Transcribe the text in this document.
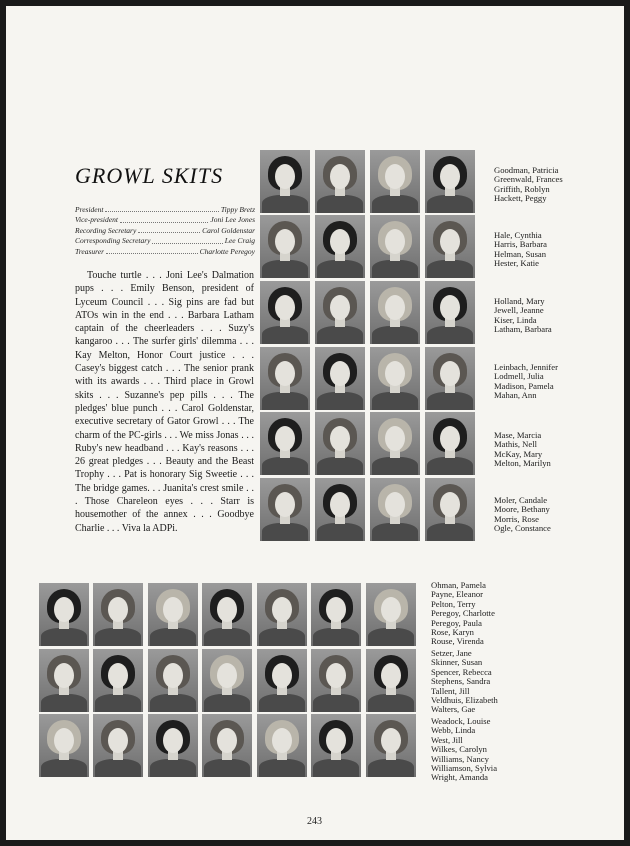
GROWL SKITS
President	Tippy Bretz
Vice-president	Joni Lee Jones
Recording Secretary	Carol Goldenstar
Corresponding Secretary	Lee Craig
Treasurer	Charlotte Peregoy
Touche turtle . . . Joni Lee's Dalmation pups . . . Emily Benson, president of Lyceum Council . . . Sig pins are fad but ATOs win in the end . . . Barbara Latham captain of the cheerleaders . . . Suzy's kangaroo . . . The surfer girls' dilemma . . . Kay Melton, Honor Court justice . . . Casey's biggest catch . . . The senior prank with its awards . . . Third place in Growl skits . . . Suzanne's pep pills . . . The pledges' blue punch . . . Carol Goldenstar, executive secretary of Gator Growl . . . The charm of the PC-girls . . . We miss Jonas . . . Ruby's new headband . . . Kay's reasons . . . 26 great pledges . . . Beauty and the Beast Trophy . . . Pat is honorary Sig Sweetie . . . The bridge games. . . Juanita's crest smile . . . Those Chareleon eyes . . . Starr is housemother of the annex . . . Goodbye Charlie . . . Viva la ADPi.
Goodman, Patricia
Greenwald, Frances
Griffith, Roblyn
Hackett, Peggy
Hale, Cynthia
Harris, Barbara
Helman, Susan
Hester, Katie
Holland, Mary
Jewell, Jeanne
Kiser, Linda
Latham, Barbara
Leinbach, Jennifer
Lodmell, Julia
Madison, Pamela
Mahan, Ann
Mase, Marcia
Mathis, Nell
McKay, Mary
Melton, Marilyn
Moler, Candale
Moore, Bethany
Morris, Rose
Ogle, Constance
Ohman, Pamela
Payne, Eleanor
Pelton, Terry
Peregoy, Charlotte
Peregoy, Paula
Rose, Karyn
Rouse, Virenda
Setzer, Jane
Skinner, Susan
Spencer, Rebecca
Stephens, Sandra
Tallent, Jill
Veldhuis, Elizabeth
Walters, Gae
Weadock, Louise
Webb, Linda
West, Jill
Wilkes, Carolyn
Williams, Nancy
Williamson, Sylvia
Wright, Amanda
243
